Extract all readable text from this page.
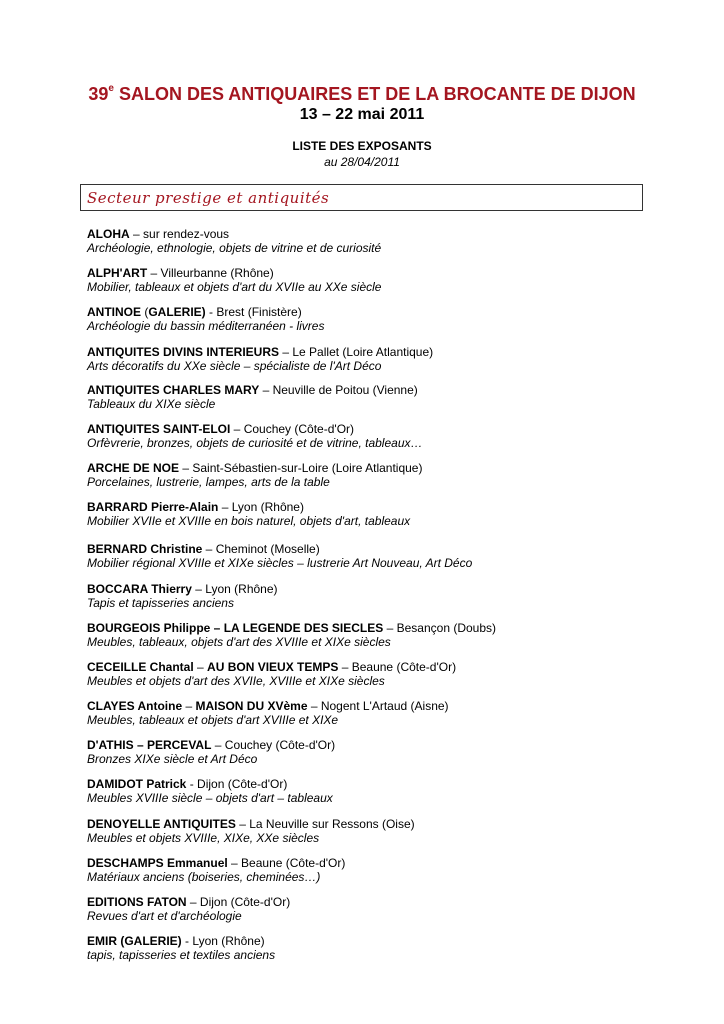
39e SALON DES ANTIQUAIRES ET DE LA BROCANTE DE DIJON
13 – 22 mai 2011
LISTE DES EXPOSANTS
au 28/04/2011
Secteur prestige et antiquités
ALOHA – sur rendez-vous
Archéologie, ethnologie, objets de vitrine et de curiosité
ALPH'ART – Villeurbanne (Rhône)
Mobilier, tableaux et objets d'art du XVIIe au XXe siècle
ANTINOE (GALERIE) - Brest (Finistère)
Archéologie du bassin méditerranéen - livres
ANTIQUITES DIVINS INTERIEURS – Le Pallet (Loire Atlantique)
Arts décoratifs du XXe siècle – spécialiste de l'Art Déco
ANTIQUITES CHARLES MARY – Neuville de Poitou (Vienne)
Tableaux du XIXe siècle
ANTIQUITES SAINT-ELOI – Couchey (Côte-d'Or)
Orfèvrerie, bronzes, objets de curiosité et de vitrine, tableaux…
ARCHE DE NOE – Saint-Sébastien-sur-Loire (Loire Atlantique)
Porcelaines, lustrerie, lampes, arts de la table
BARRARD Pierre-Alain – Lyon (Rhône)
Mobilier XVIIe et XVIIIe en bois naturel, objets d'art, tableaux
BERNARD Christine – Cheminot (Moselle)
Mobilier régional XVIIIe et XIXe siècles – lustrerie Art Nouveau, Art Déco
BOCCARA Thierry – Lyon (Rhône)
Tapis et tapisseries anciens
BOURGEOIS Philippe – LA LEGENDE DES SIECLES – Besançon (Doubs)
Meubles, tableaux, objets d'art des XVIIIe et XIXe siècles
CECEILLE Chantal – AU BON VIEUX TEMPS – Beaune (Côte-d'Or)
Meubles et objets d'art des XVIIe, XVIIIe et XIXe siècles
CLAYES Antoine – MAISON DU XVème – Nogent L'Artaud (Aisne)
Meubles, tableaux et objets d'art XVIIIe et XIXe
D'ATHIS – PERCEVAL – Couchey (Côte-d'Or)
Bronzes XIXe siècle et Art Déco
DAMIDOT Patrick - Dijon (Côte-d'Or)
Meubles XVIIIe siècle – objets d'art – tableaux
DENOYELLE ANTIQUITES – La Neuville sur Ressons (Oise)
Meubles et objets XVIIIe, XIXe, XXe siècles
DESCHAMPS Emmanuel – Beaune (Côte-d'Or)
Matériaux anciens (boiseries, cheminées…)
EDITIONS FATON – Dijon (Côte-d'Or)
Revues d'art et d'archéologie
EMIR (GALERIE) - Lyon (Rhône)
tapis, tapisseries et textiles anciens
